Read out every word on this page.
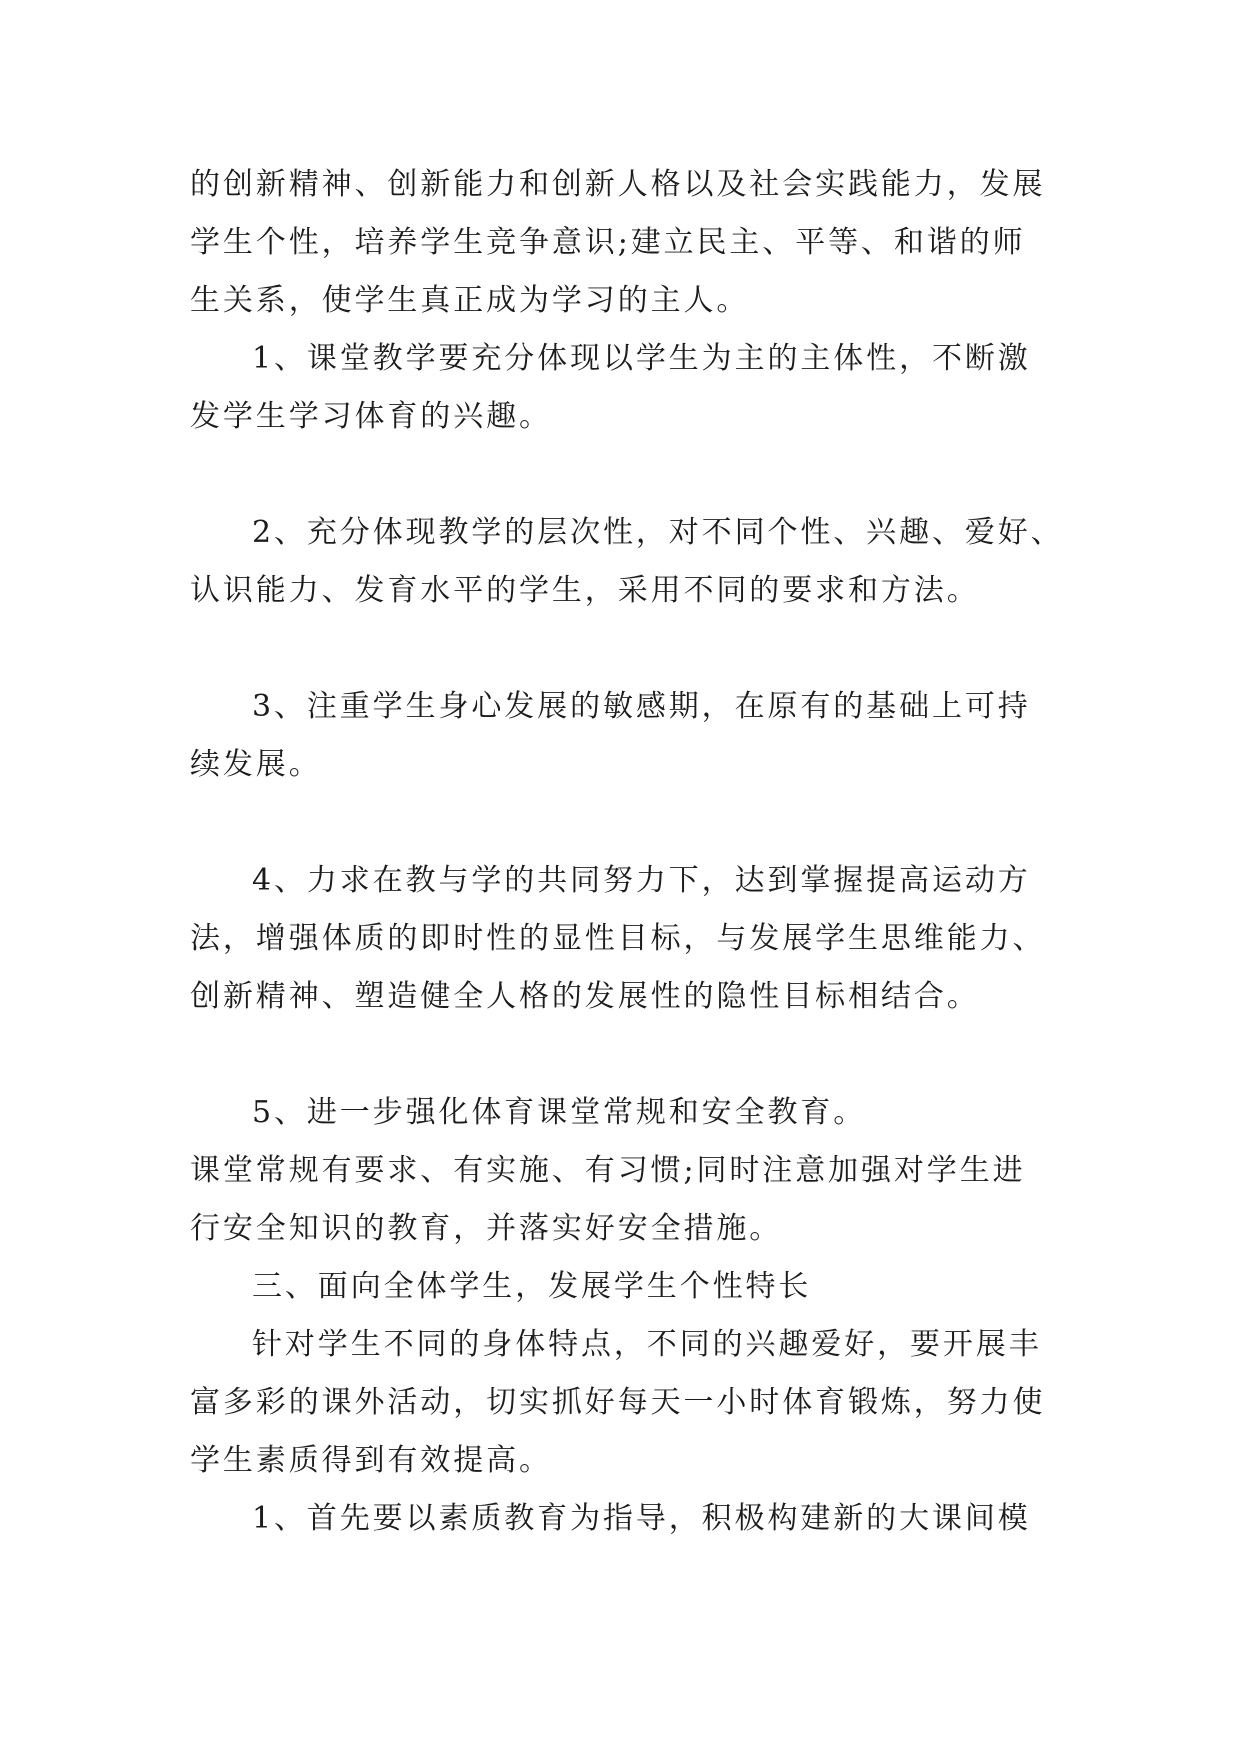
的创新精神、创新能力和创新人格以及社会实践能力，发展
学生个性，培养学生竞争意识;建立民主、平等、和谐的师
生关系，使学生真正成为学习的主人。
1、课堂教学要充分体现以学生为主的主体性，不断激
发学生学习体育的兴趣。
2、充分体现教学的层次性，对不同个性、兴趣、爱好、
认识能力、发育水平的学生，采用不同的要求和方法。
3、注重学生身心发展的敏感期，在原有的基础上可持
续发展。
4、力求在教与学的共同努力下，达到掌握提高运动方
法，增强体质的即时性的显性目标，与发展学生思维能力、
创新精神、塑造健全人格的发展性的隐性目标相结合。
5、进一步强化体育课堂常规和安全教育。
课堂常规有要求、有实施、有习惯;同时注意加强对学生进
行安全知识的教育，并落实好安全措施。
三、面向全体学生，发展学生个性特长
针对学生不同的身体特点，不同的兴趣爱好，要开展丰
富多彩的课外活动，切实抓好每天一小时体育锻炼，努力使
学生素质得到有效提高。
1、首先要以素质教育为指导，积极构建新的大课间模
